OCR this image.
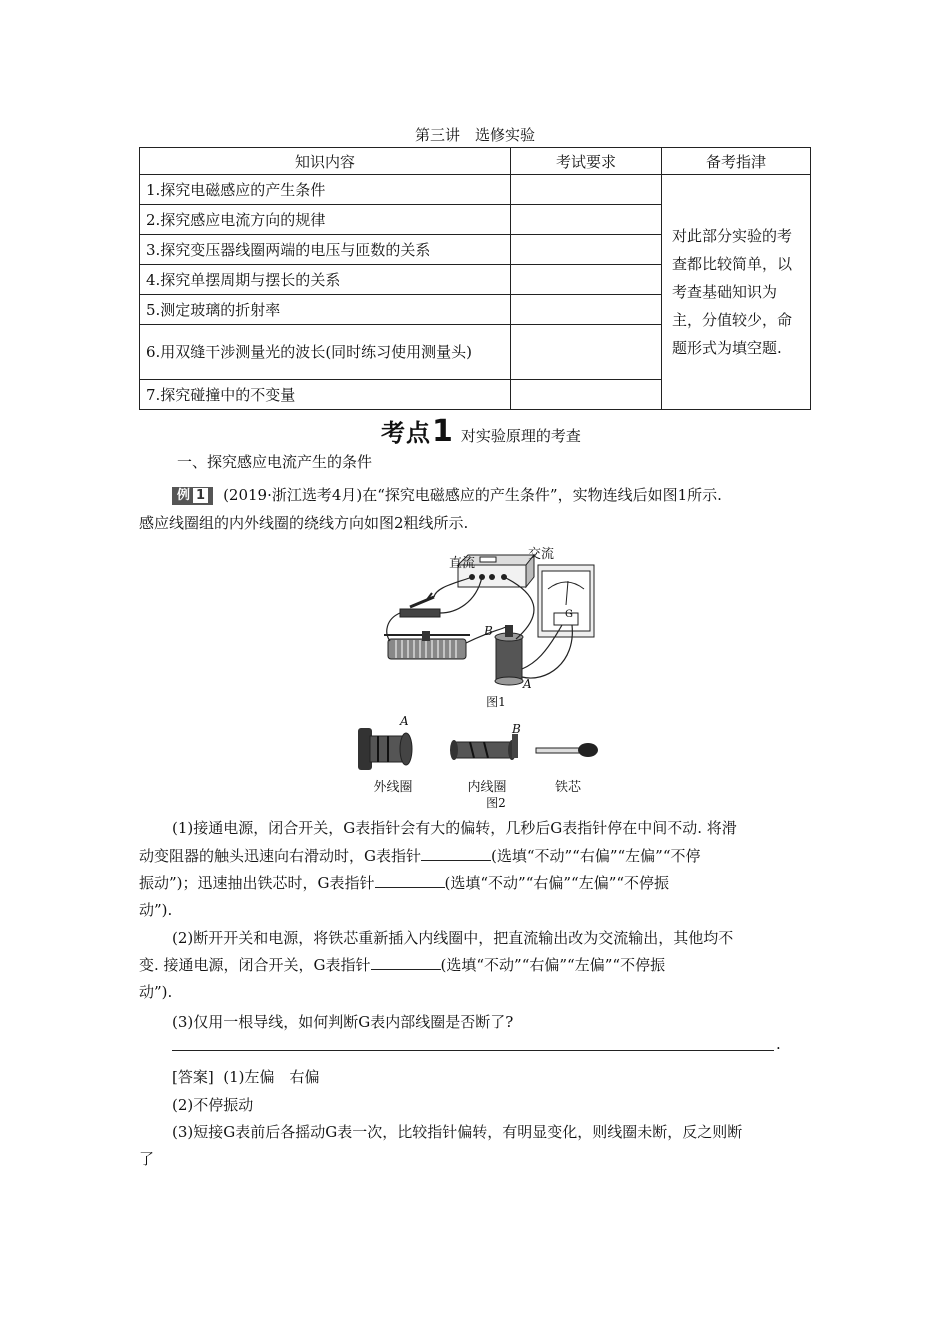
第三讲　选修实验
知识内容	考试要求	备考指津
1.探究电磁感应的产生条件		对此部分实验的考查都比较简单，以考查基础知识为主，分值较少，命题形式为填空题.
2.探究感应电流方向的规律		
3.探究变压器线圈两端的电压与匝数的关系		
4.探究单摆周期与摆长的关系		
5.测定玻璃的折射率		
6.用双缝干涉测量光的波长(同时练习使用测量头)		
7.探究碰撞中的不变量		
考点1 对实验原理的考查
一、探究感应电流产生的条件
例 1 (2019·浙江选考4月)在“探究电磁感应的产生条件”，实物连线后如图1所示.
感应线圈组的内外线圈的绕线方向如图2粗线所示.
直流
交流
B
A
G
图1
A
B
外线圈	内线圈	铁芯
图2
(1)接通电源，闭合开关，G表指针会有大的偏转，几秒后G表指针停在中间不动. 将滑
动变阻器的触头迅速向右滑动时，G表指针	(选填“不动”“右偏”“左偏”“不停
振动”)；迅速抽出铁芯时，G表指针	(选填“不动”“右偏”“左偏”“不停振
动”).
(2)断开开关和电源，将铁芯重新插入内线圈中，把直流输出改为交流输出，其他均不
变. 接通电源，闭合开关，G表指针	(选填“不动”“右偏”“左偏”“不停振
动”).
(3)仅用一根导线，如何判断G表内部线圈是否断了?
.
[答案] (1)左偏　右偏
(2)不停振动
(3)短接G表前后各摇动G表一次，比较指针偏转，有明显变化，则线圈未断，反之则断
了
